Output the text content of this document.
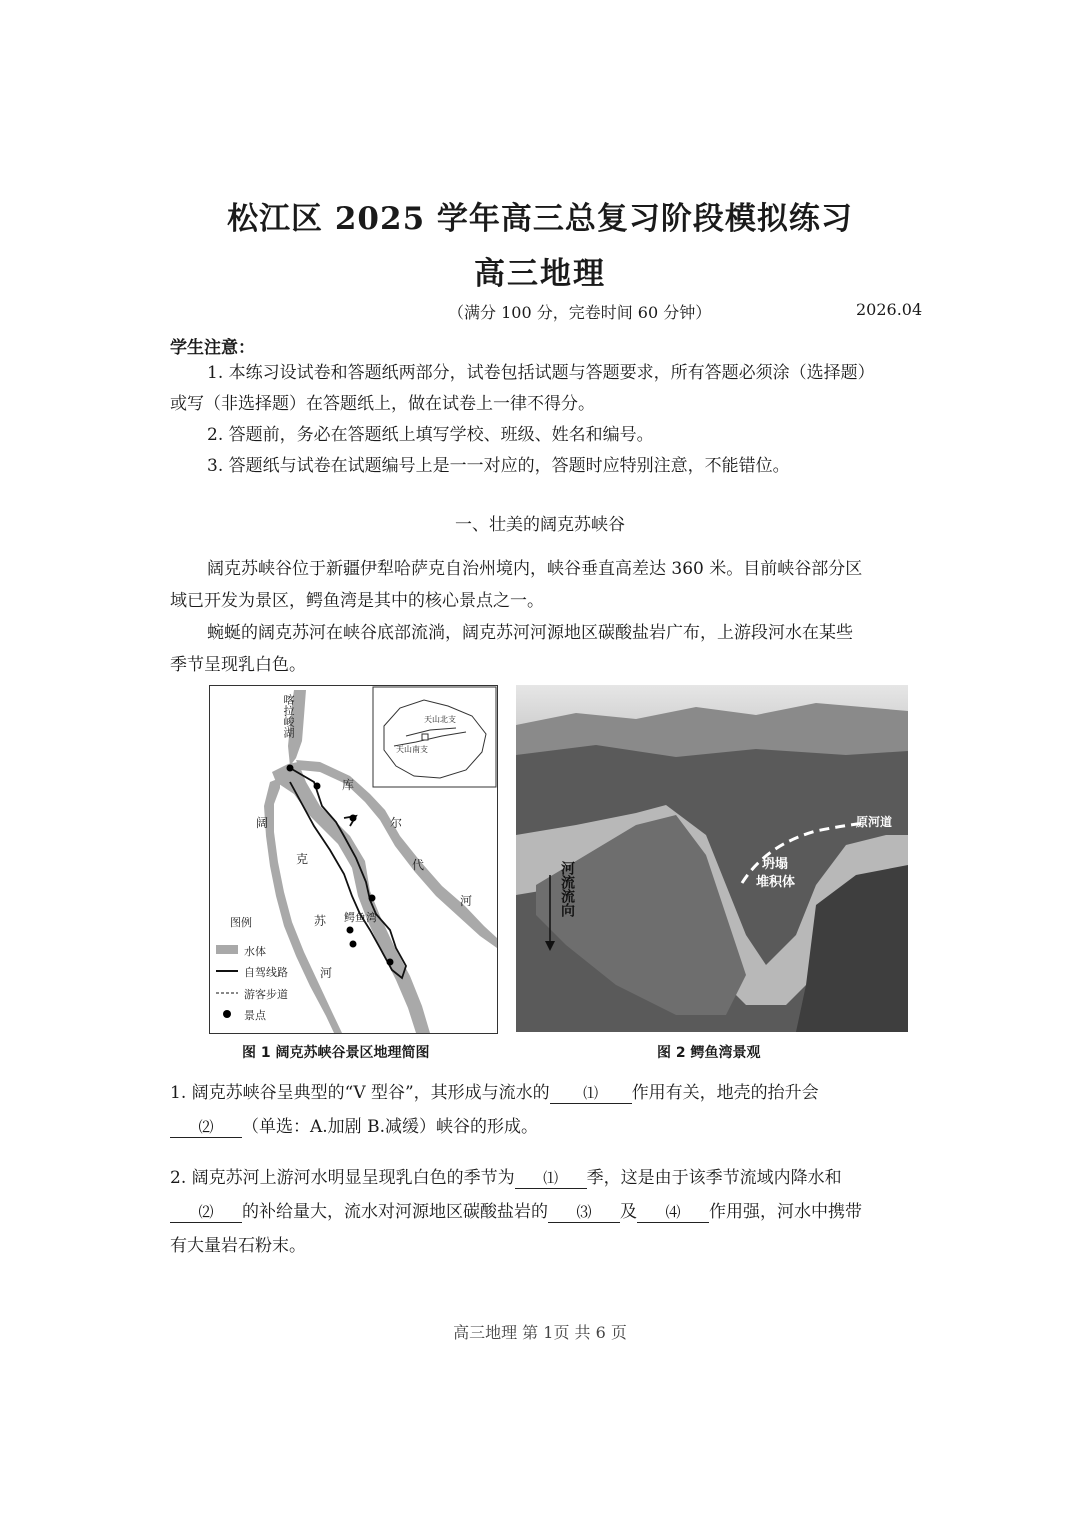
松江区 2025 学年高三总复习阶段模拟练习
高三地理
（满分 100 分，完卷时间 60 分钟）	2026.04
学生注意：
1. 本练习设试卷和答题纸两部分，试卷包括试题与答题要求，所有答题必须涂（选择题）
或写（非选择题）在答题纸上，做在试卷上一律不得分。
2. 答题前，务必在答题纸上填写学校、班级、姓名和编号。
3. 答题纸与试卷在试题编号上是一一对应的，答题时应特别注意，不能错位。
一、壮美的阔克苏峡谷
阔克苏峡谷位于新疆伊犁哈萨克自治州境内，峡谷垂直高差达 360 米。目前峡谷部分区
域已开发为景区，鳄鱼湾是其中的核心景点之一。
蜿蜒的阔克苏河在峡谷底部流淌，阔克苏河河源地区碳酸盐岩广布，上游段河水在某些
季节呈现乳白色。
喀拉峻湖
库
尔
代
河
阔
克
苏
河
鳄鱼湾
天山北支
天山南支
图例
水体
自驾线路
游客步道
景点
原河道
坍塌
堆积体
河流流向
图 1 阔克苏峡谷景区地理简图	图 2 鳄鱼湾景观
1. 阔克苏峡谷呈典型的“V 型谷”，其形成与流水的 ⑴ 作用有关，地壳的抬升会
⑵ （单选：A.加剧 B.减缓）峡谷的形成。
2. 阔克苏河上游河水明显呈现乳白色的季节为 ⑴ 季，这是由于该季节流域内降水和
⑵ 的补给量大，流水对河源地区碳酸盐岩的 ⑶ 及 ⑷ 作用强，河水中携带
有大量岩石粉末。
高三地理 第 1页 共 6 页
